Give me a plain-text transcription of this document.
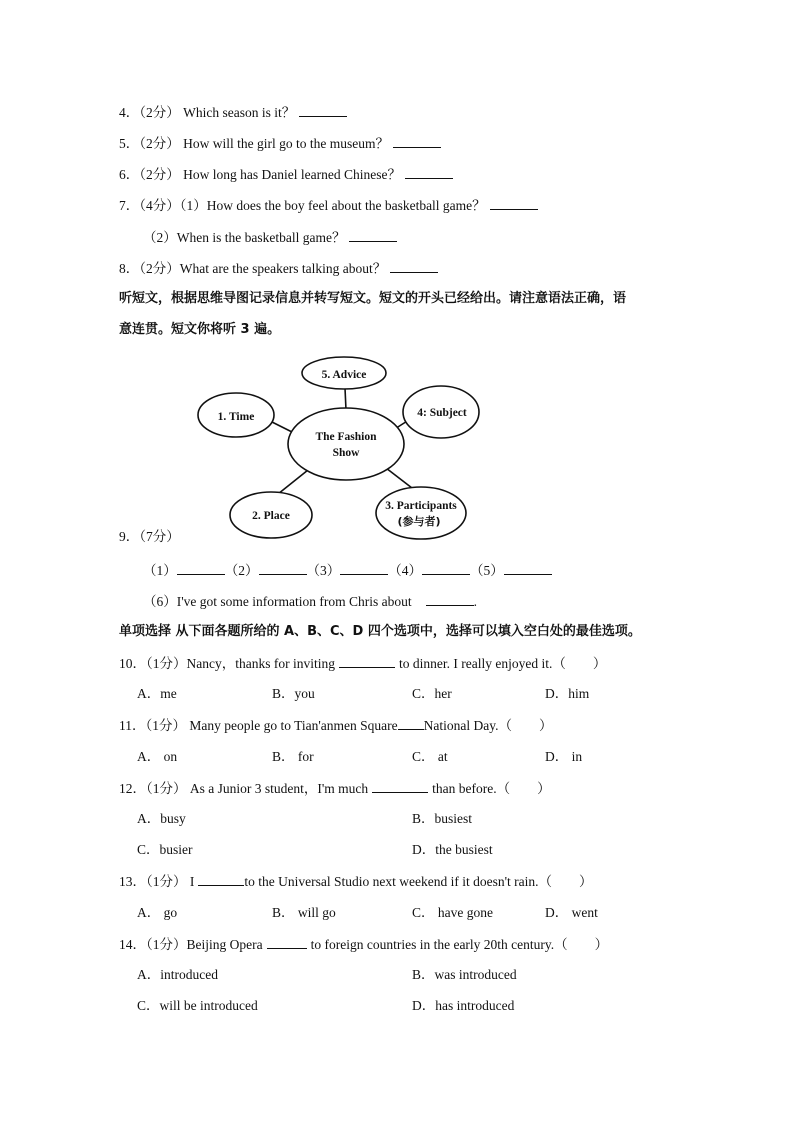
4．（2分） Which season is it？
5．（2分） How will the girl go to the museum？
6．（2分） How long has Daniel learned Chinese？
7．（4分）（1）How does the boy feel about the basketball game？
（2）When is the basketball game？
8．（2分）What are the speakers talking about？
听短文，根据思维导图记录信息并转写短文。短文的开头已经给出。请注意语法正确，语
意连贯。短文你将听 3 遍。
The Fashion
Show
5. Advice
1. Time	4: Subject
2. Place
3. Participants
(参与者)
9．（7分）
（1）	（2）	（3）	（4）	（5）
（6）I've got some information from Chris about	.
单项选择 从下面各题所给的 A、B、C、D 四个选项中，选择可以填入空白处的最佳选项。
10．（1分）Nancy，thanks for inviting	to dinner. I really enjoyed it.（　　）
A．me	B．you	C．her	D．him
11．（1分） Many people go to Tian'anmen Square National Day.（　　）
A． on	B． for	C． at	D． in
12．（1分） As a Junior 3 student，I'm much	than before.（　　）
A．busy	B．busiest
C．busier	D．the busiest
13．（1分） I	to the Universal Studio next weekend if it doesn't rain.（　　）
A． go	B． will go	C． have gone	D． went
14．（1分）Beijing Opera	to foreign countries in the early 20th century.（　　）
A．introduced	B．was introduced
C．will be introduced	D．has introduced
